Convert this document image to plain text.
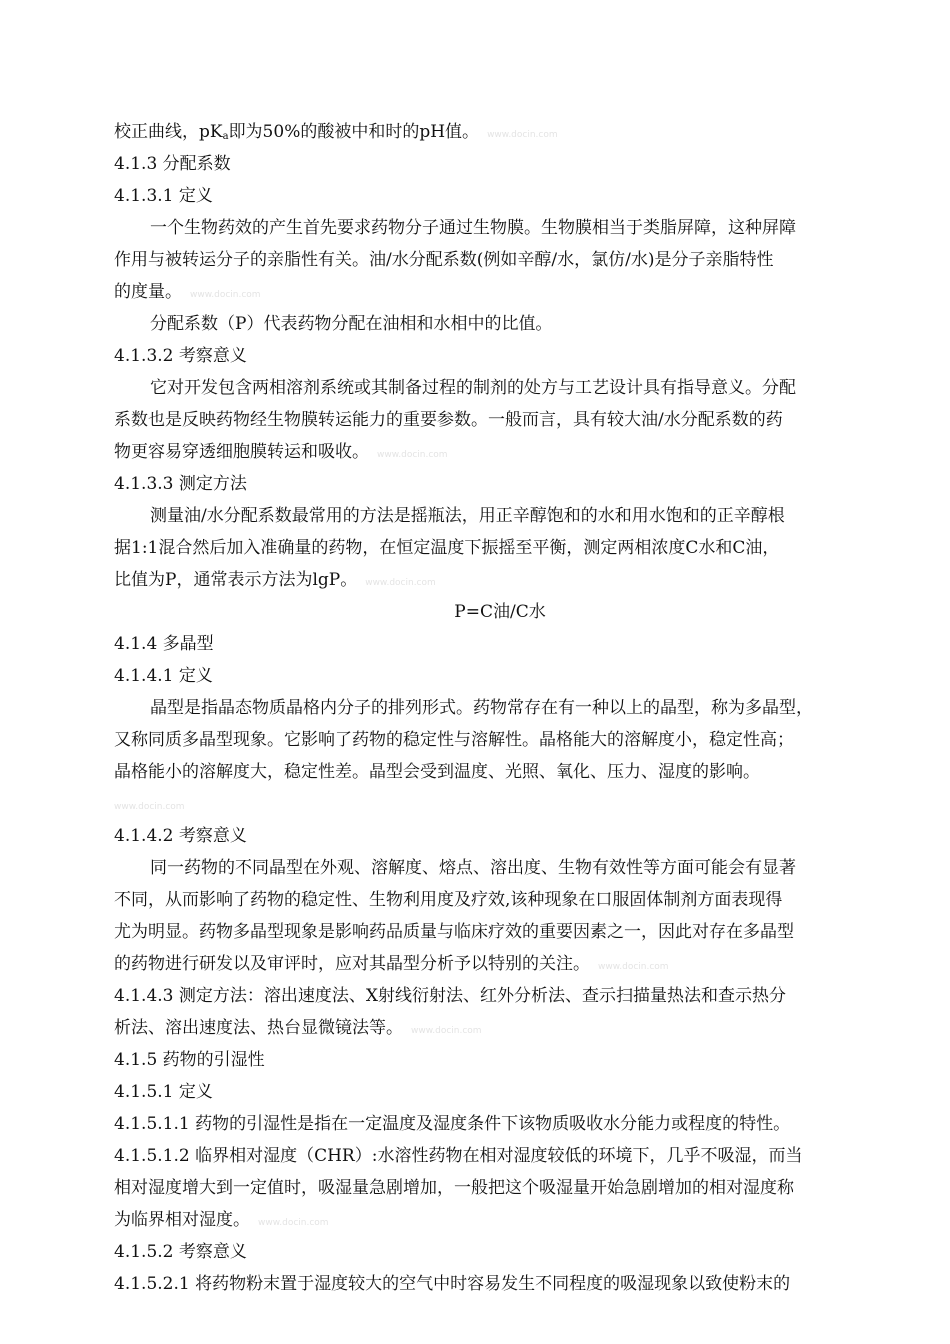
校正曲线，$pK_a$即为50%的酸被中和时的pH值。 www.docin.com
4.1.3 分配系数
4.1.3.1 定义
一个生物药效的产生首先要求药物分子通过生物膜。生物膜相当于类脂屏障，这种屏障
作用与被转运分子的亲脂性有关。油/水分配系数(例如辛醇/水，氯仿/水)是分子亲脂特性
的度量。 www.docin.com
分配系数（P）代表药物分配在油相和水相中的比值。
4.1.3.2 考察意义
它对开发包含两相溶剂系统或其制备过程的制剂的处方与工艺设计具有指导意义。分配
系数也是反映药物经生物膜转运能力的重要参数。一般而言，具有较大油/水分配系数的药
物更容易穿透细胞膜转运和吸收。 www.docin.com
4.1.3.3 测定方法
测量油/水分配系数最常用的方法是摇瓶法，用正辛醇饱和的水和用水饱和的正辛醇根
据1:1混合然后加入准确量的药物，在恒定温度下振摇至平衡，测定两相浓度C水和C油，
比值为P，通常表示方法为lgP。 www.docin.com
P=C油/C水
4.1.4 多晶型
4.1.4.1 定义
晶型是指晶态物质晶格内分子的排列形式。药物常存在有一种以上的晶型，称为多晶型，
又称同质多晶型现象。它影响了药物的稳定性与溶解性。晶格能大的溶解度小，稳定性高；
晶格能小的溶解度大，稳定性差。晶型会受到温度、光照、氧化、压力、湿度的影响。
www.docin.com
4.1.4.2 考察意义
同一药物的不同晶型在外观、溶解度、熔点、溶出度、生物有效性等方面可能会有显著
不同，从而影响了药物的稳定性、生物利用度及疗效,该种现象在口服固体制剂方面表现得
尤为明显。药物多晶型现象是影响药品质量与临床疗效的重要因素之一，因此对存在多晶型
的药物进行研发以及审评时，应对其晶型分析予以特别的关注。 www.docin.com
4.1.4.3 测定方法：溶出速度法、X射线衍射法、红外分析法、查示扫描量热法和查示热分
析法、溶出速度法、热台显微镜法等。 www.docin.com
4.1.5 药物的引湿性
4.1.5.1 定义
4.1.5.1.1 药物的引湿性是指在一定温度及湿度条件下该物质吸收水分能力或程度的特性。
4.1.5.1.2 临界相对湿度（CHR）:水溶性药物在相对湿度较低的环境下，几乎不吸湿，而当
相对湿度增大到一定值时，吸湿量急剧增加，一般把这个吸湿量开始急剧增加的相对湿度称
为临界相对湿度。 www.docin.com
4.1.5.2 考察意义
4.1.5.2.1 将药物粉末置于湿度较大的空气中时容易发生不同程度的吸湿现象以致使粉末的
